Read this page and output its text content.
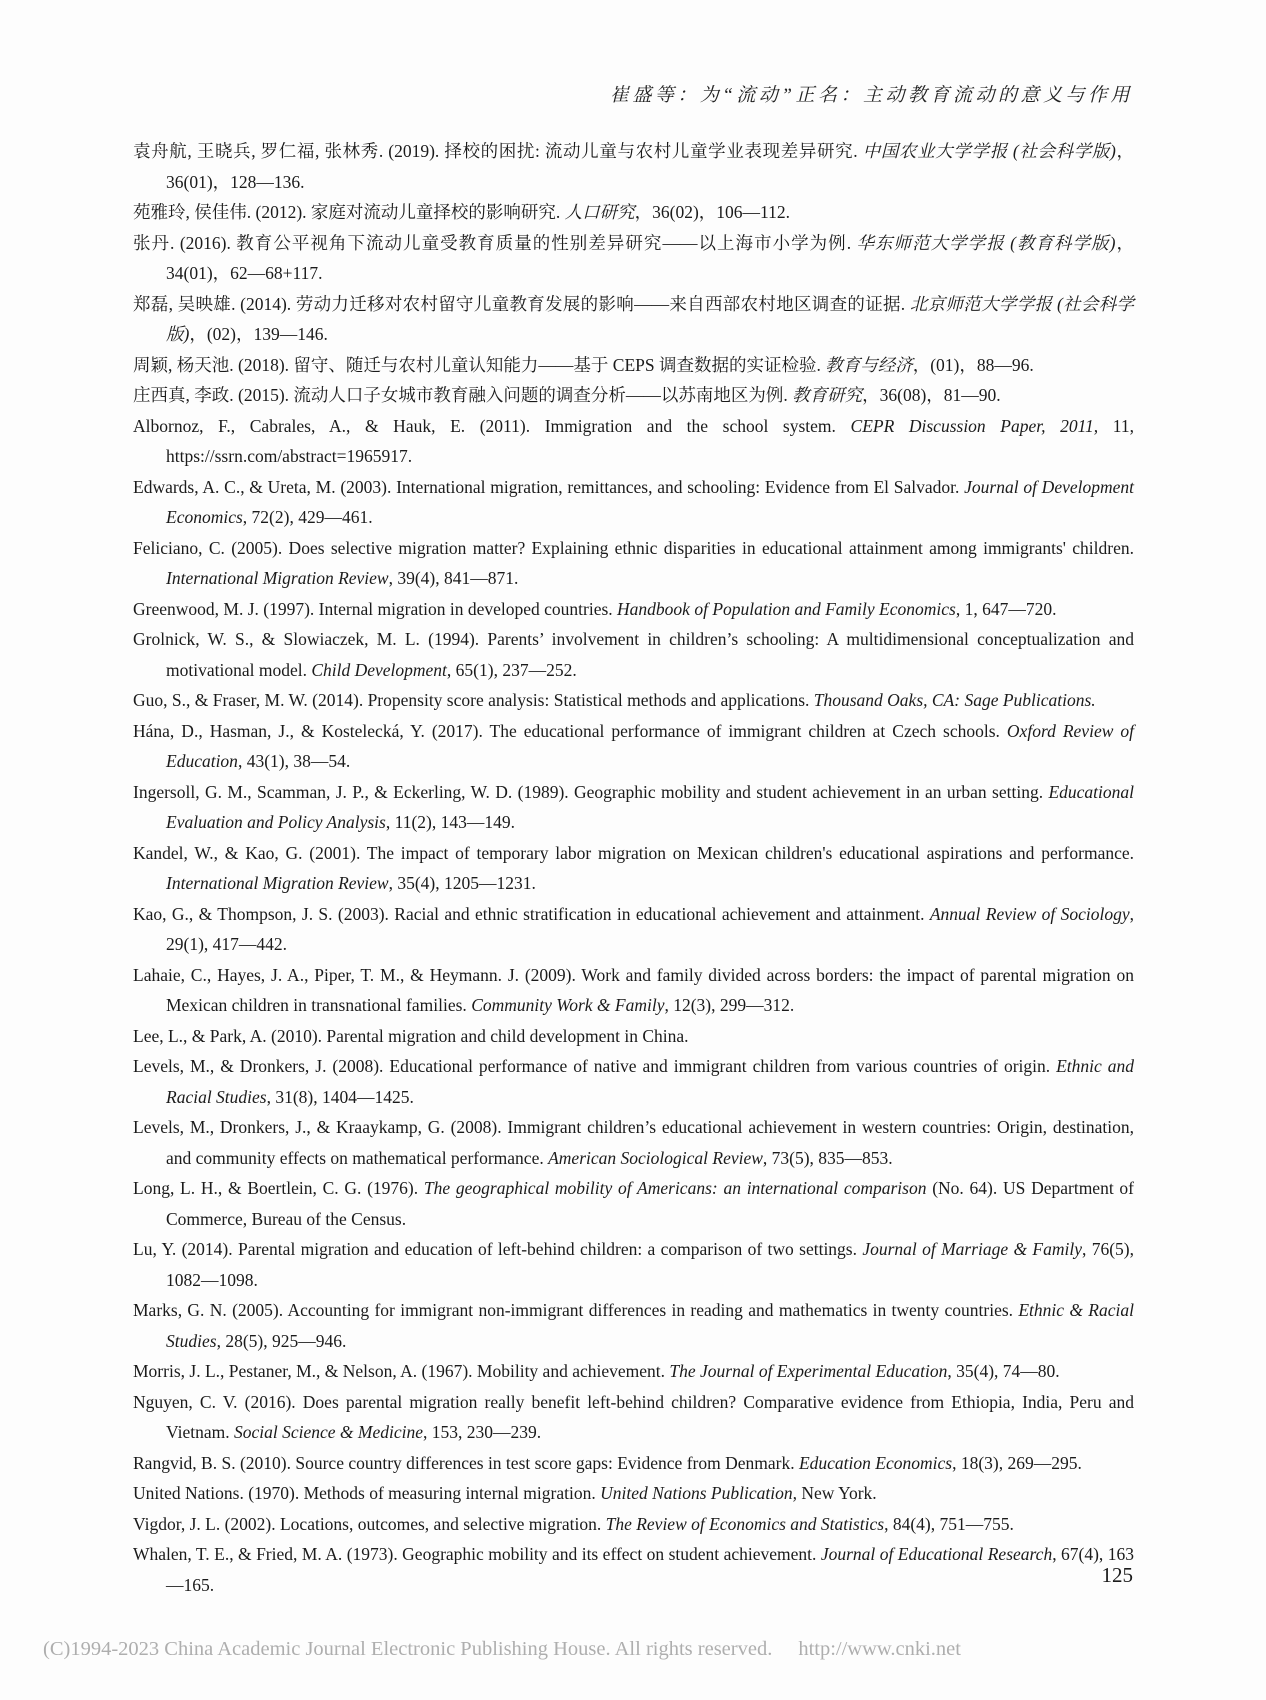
崔盛等：为“流动”正名：主动教育流动的意义与作用

袁舟航, 王晓兵, 罗仁福, 张林秀. (2019). 择校的困扰: 流动儿童与农村儿童学业表现差异研究. 中国农业大学学报 (社会科学版)，36(01)，128—136.

苑雅玲, 侯佳伟. (2012). 家庭对流动儿童择校的影响研究. 人口研究，36(02)，106—112.

张丹. (2016). 教育公平视角下流动儿童受教育质量的性别差异研究——以上海市小学为例. 华东师范大学学报 (教育科学版)，34(01)，62—68+117.

郑磊, 吴映雄. (2014). 劳动力迁移对农村留守儿童教育发展的影响——来自西部农村地区调查的证据. 北京师范大学学报 (社会科学版)，(02)，139—146.

周颖, 杨天池. (2018). 留守、随迁与农村儿童认知能力——基于 CEPS 调查数据的实证检验. 教育与经济，(01)，88—96.

庄西真, 李政. (2015). 流动人口子女城市教育融入问题的调查分析——以苏南地区为例. 教育研究，36(08)，81—90.

Albornoz, F., Cabrales, A., & Hauk, E. (2011). Immigration and the school system. CEPR Discussion Paper, 2011, 11, https://ssrn.com/abstract=1965917.

Edwards, A. C., & Ureta, M. (2003). International migration, remittances, and schooling: Evidence from El Salvador. Journal of Development Economics, 72(2), 429—461.

Feliciano, C. (2005). Does selective migration matter? Explaining ethnic disparities in educational attainment among immigrants' children. International Migration Review, 39(4), 841—871.

Greenwood, M. J. (1997). Internal migration in developed countries. Handbook of Population and Family Economics, 1, 647—720.

Grolnick, W. S., & Slowiaczek, M. L. (1994). Parents’ involvement in children’s schooling: A multidimensional conceptualization and motivational model. Child Development, 65(1), 237—252.

Guo, S., & Fraser, M. W. (2014). Propensity score analysis: Statistical methods and applications. Thousand Oaks, CA: Sage Publications.

Hána, D., Hasman, J., & Kostelecká, Y. (2017). The educational performance of immigrant children at Czech schools. Oxford Review of Education, 43(1), 38—54.

Ingersoll, G. M., Scamman, J. P., & Eckerling, W. D. (1989). Geographic mobility and student achievement in an urban setting. Educational Evaluation and Policy Analysis, 11(2), 143—149.

Kandel, W., & Kao, G. (2001). The impact of temporary labor migration on Mexican children's educational aspirations and performance. International Migration Review, 35(4), 1205—1231.

Kao, G., & Thompson, J. S. (2003). Racial and ethnic stratification in educational achievement and attainment. Annual Review of Sociology, 29(1), 417—442.

Lahaie, C., Hayes, J. A., Piper, T. M., & Heymann. J. (2009). Work and family divided across borders: the impact of parental migration on Mexican children in transnational families. Community Work & Family, 12(3), 299—312.

Lee, L., & Park, A. (2010). Parental migration and child development in China.

Levels, M., & Dronkers, J. (2008). Educational performance of native and immigrant children from various countries of origin. Ethnic and Racial Studies, 31(8), 1404—1425.

Levels, M., Dronkers, J., & Kraaykamp, G. (2008). Immigrant children’s educational achievement in western countries: Origin, destination, and community effects on mathematical performance. American Sociological Review, 73(5), 835—853.

Long, L. H., & Boertlein, C. G. (1976). The geographical mobility of Americans: an international comparison (No. 64). US Department of Commerce, Bureau of the Census.

Lu, Y. (2014). Parental migration and education of left-behind children: a comparison of two settings. Journal of Marriage & Family, 76(5), 1082—1098.

Marks, G. N. (2005). Accounting for immigrant non-immigrant differences in reading and mathematics in twenty countries. Ethnic & Racial Studies, 28(5), 925—946.

Morris, J. L., Pestaner, M., & Nelson, A. (1967). Mobility and achievement. The Journal of Experimental Education, 35(4), 74—80.

Nguyen, C. V. (2016). Does parental migration really benefit left-behind children? Comparative evidence from Ethiopia, India, Peru and Vietnam. Social Science & Medicine, 153, 230—239.

Rangvid, B. S. (2010). Source country differences in test score gaps: Evidence from Denmark. Education Economics, 18(3), 269—295.

United Nations. (1970). Methods of measuring internal migration. United Nations Publication, New York.

Vigdor, J. L. (2002). Locations, outcomes, and selective migration. The Review of Economics and Statistics, 84(4), 751—755.

Whalen, T. E., & Fried, M. A. (1973). Geographic mobility and its effect on student achievement. Journal of Educational Research, 67(4), 163—165.	125
(C)1994-2023 China Academic Journal Electronic Publishing House. All rights reserved. http://www.cnki.net
